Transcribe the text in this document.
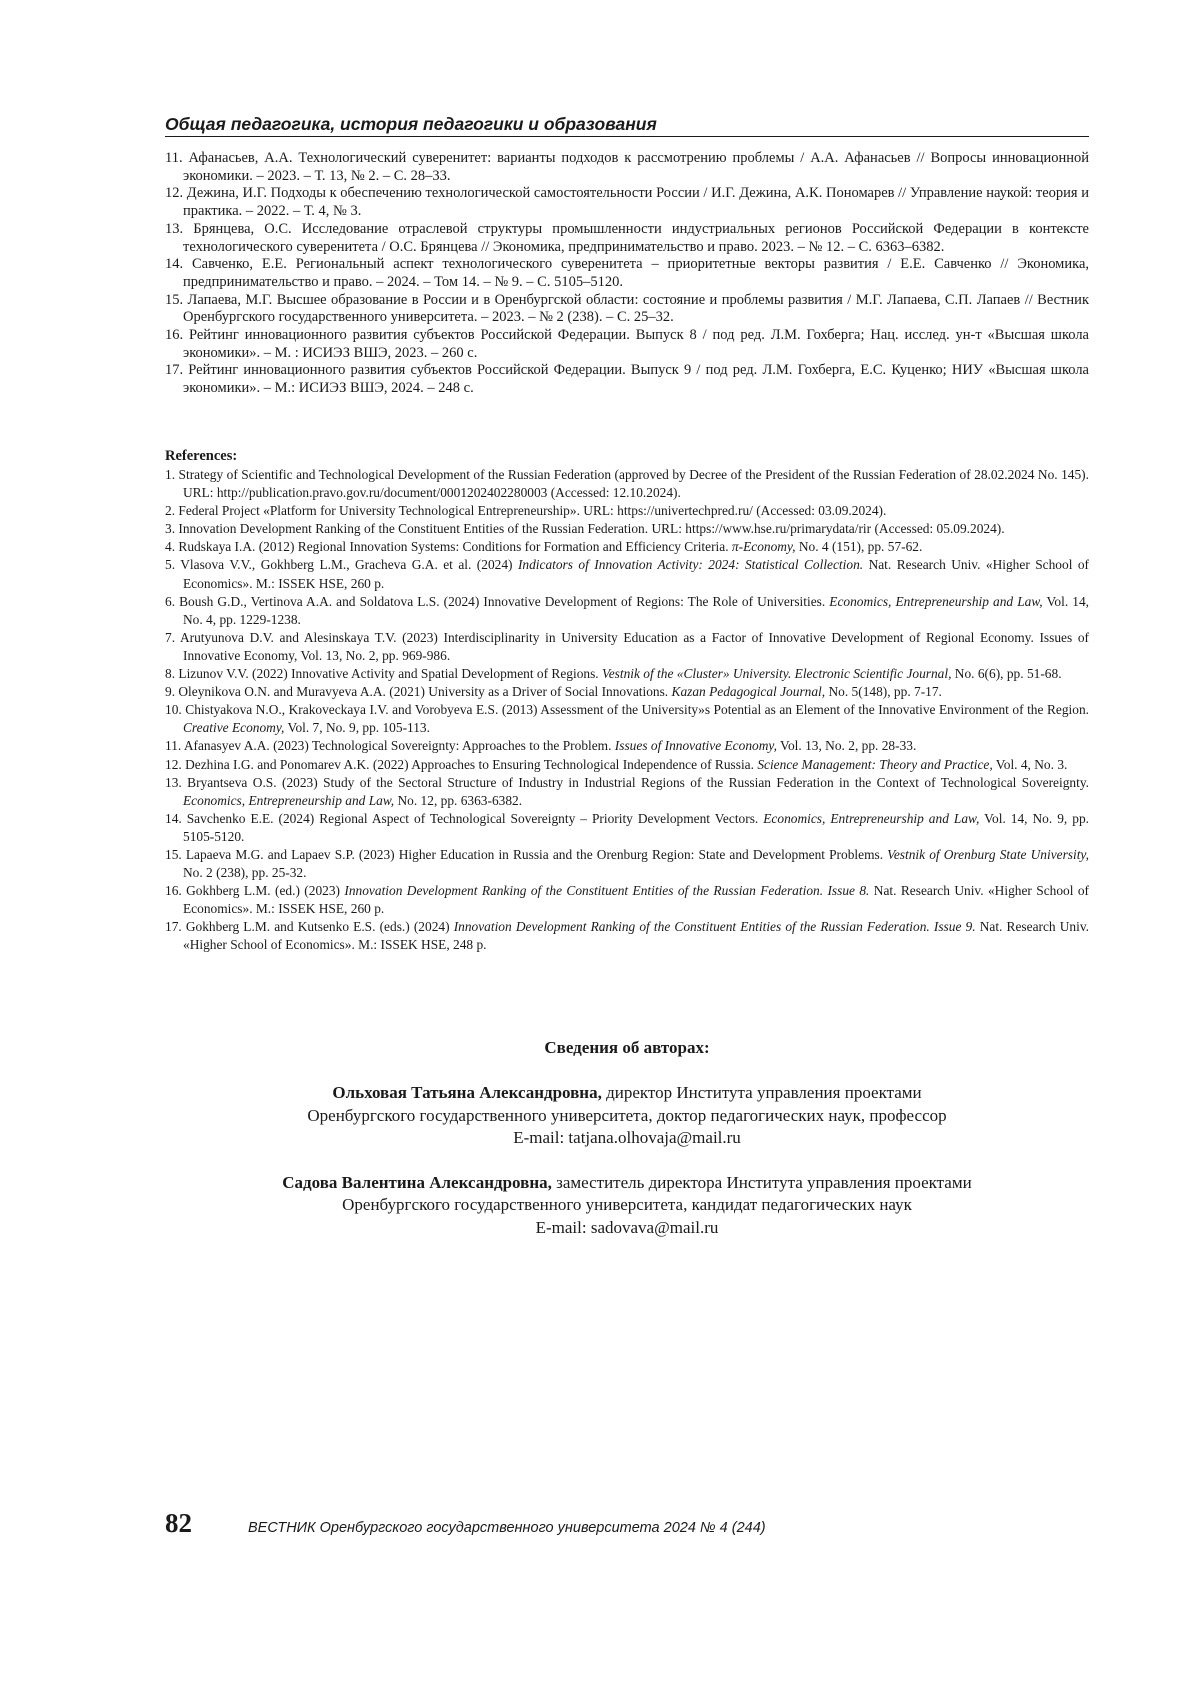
Общая педагогика, история педагогики и образования
11. Афанасьев, А.А. Технологический суверенитет: варианты подходов к рассмотрению проблемы / А.А. Афанасьев // Вопросы инновационной экономики. – 2023. – Т. 13, № 2. – С. 28–33.
12. Дежина, И.Г. Подходы к обеспечению технологической самостоятельности России / И.Г. Дежина, А.К. Пономарев // Управление наукой: теория и практика. – 2022. – Т. 4, № 3.
13. Брянцева, О.С. Исследование отраслевой структуры промышленности индустриальных регионов Российской Федерации в контексте технологического суверенитета / О.С. Брянцева // Экономика, предпринимательство и право. 2023. – № 12. – С. 6363–6382.
14. Савченко, Е.Е. Региональный аспект технологического суверенитета – приоритетные векторы развития / Е.Е. Савченко // Экономика, предпринимательство и право. – 2024. – Том 14. – № 9. – С. 5105–5120.
15. Лапаева, М.Г. Высшее образование в России и в Оренбургской области: состояние и проблемы развития / М.Г. Лапаева, С.П. Лапаев // Вестник Оренбургского государственного университета. – 2023. – № 2 (238). – С. 25–32.
16. Рейтинг инновационного развития субъектов Российской Федерации. Выпуск 8 / под ред. Л.М. Гохберга; Нац. исслед. ун-т «Высшая школа экономики». – М. : ИСИЭЗ ВШЭ, 2023. – 260 с.
17. Рейтинг инновационного развития субъектов Российской Федерации. Выпуск 9 / под ред. Л.М. Гохберга, Е.С. Куценко; НИУ «Высшая школа экономики». – М.: ИСИЭЗ ВШЭ, 2024. – 248 с.
References:
1. Strategy of Scientific and Technological Development of the Russian Federation (approved by Decree of the President of the Russian Federation of 28.02.2024 No. 145). URL: http://publication.pravo.gov.ru/document/0001202402280003 (Accessed: 12.10.2024).
2. Federal Project «Platform for University Technological Entrepreneurship». URL: https://univertechpred.ru/ (Accessed: 03.09.2024).
3. Innovation Development Ranking of the Constituent Entities of the Russian Federation. URL: https://www.hse.ru/primarydata/rir (Accessed: 05.09.2024).
4. Rudskaya I.A. (2012) Regional Innovation Systems: Conditions for Formation and Efficiency Criteria. π-Economy, No. 4 (151), pp. 57-62.
5. Vlasova V.V., Gokhberg L.M., Gracheva G.A. et al. (2024) Indicators of Innovation Activity: 2024: Statistical Collection. Nat. Research Univ. «Higher School of Economics». M.: ISSEK HSE, 260 p.
6. Boush G.D., Vertinova A.A. and Soldatova L.S. (2024) Innovative Development of Regions: The Role of Universities. Economics, Entrepreneurship and Law, Vol. 14, No. 4, pp. 1229-1238.
7. Arutyunova D.V. and Alesinskaya T.V. (2023) Interdisciplinarity in University Education as a Factor of Innovative Development of Regional Economy. Issues of Innovative Economy, Vol. 13, No. 2, pp. 969-986.
8. Lizunov V.V. (2022) Innovative Activity and Spatial Development of Regions. Vestnik of the «Cluster» University. Electronic Scientific Journal, No. 6(6), pp. 51-68.
9. Oleynikova O.N. and Muravyeva A.A. (2021) University as a Driver of Social Innovations. Kazan Pedagogical Journal, No. 5(148), pp. 7-17.
10. Chistyakova N.O., Krakoveckaya I.V. and Vorobyeva E.S. (2013) Assessment of the University»s Potential as an Element of the Innovative Environment of the Region. Creative Economy, Vol. 7, No. 9, pp. 105-113.
11. Afanasyev A.A. (2023) Technological Sovereignty: Approaches to the Problem. Issues of Innovative Economy, Vol. 13, No. 2, pp. 28-33.
12. Dezhina I.G. and Ponomarev A.K. (2022) Approaches to Ensuring Technological Independence of Russia. Science Management: Theory and Practice, Vol. 4, No. 3.
13. Bryantseva O.S. (2023) Study of the Sectoral Structure of Industry in Industrial Regions of the Russian Federation in the Context of Technological Sovereignty. Economics, Entrepreneurship and Law, No. 12, pp. 6363-6382.
14. Savchenko E.E. (2024) Regional Aspect of Technological Sovereignty – Priority Development Vectors. Economics, Entrepreneurship and Law, Vol. 14, No. 9, pp. 5105-5120.
15. Lapaeva M.G. and Lapaev S.P. (2023) Higher Education in Russia and the Orenburg Region: State and Development Problems. Vestnik of Orenburg State University, No. 2 (238), pp. 25-32.
16. Gokhberg L.M. (ed.) (2023) Innovation Development Ranking of the Constituent Entities of the Russian Federation. Issue 8. Nat. Research Univ. «Higher School of Economics». M.: ISSEK HSE, 260 p.
17. Gokhberg L.M. and Kutsenko E.S. (eds.) (2024) Innovation Development Ranking of the Constituent Entities of the Russian Federation. Issue 9. Nat. Research Univ. «Higher School of Economics». M.: ISSEK HSE, 248 p.
Сведения об авторах:
Ольховая Татьяна Александровна, директор Института управления проектами
Оренбургского государственного университета, доктор педагогических наук, профессор
E-mail: tatjana.olhovaja@mail.ru
Садова Валентина Александровна, заместитель директора Института управления проектами
Оренбургского государственного университета, кандидат педагогических наук
E-mail: sadovava@mail.ru
82	ВЕСТНИК Оренбургского государственного университета 2024 № 4 (244)
